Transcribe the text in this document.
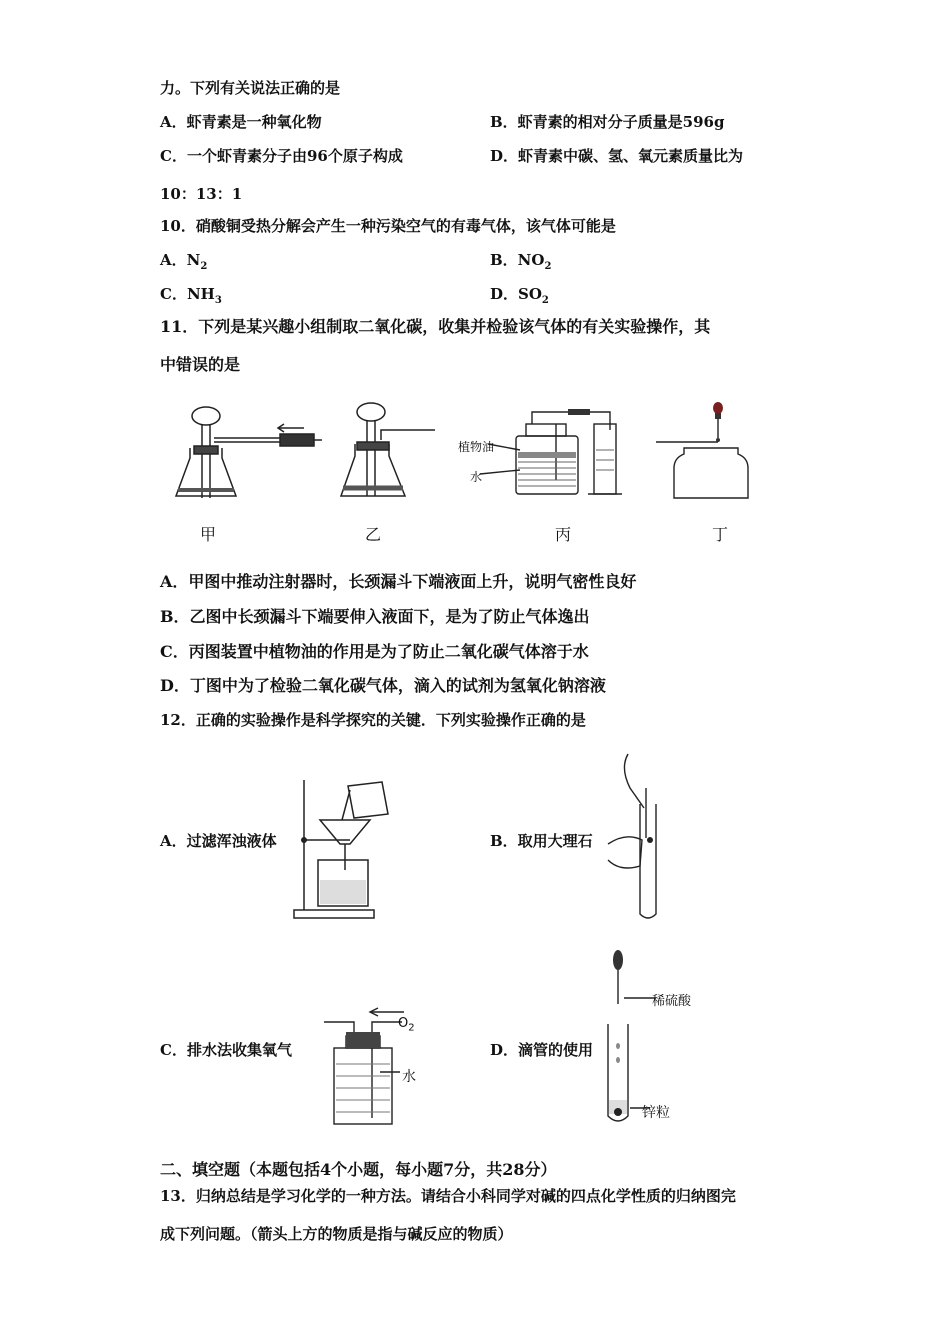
力。下列有关说法正确的是
A．虾青素是一种氧化物	B．虾青素的相对分子质量是596g
C．一个虾青素分子由96个原子构成	D．虾青素中碳、氢、氧元素质量比为
10：13：1
10．硝酸铜受热分解会产生一种污染空气的有毒气体，该气体可能是
A．$N_2$	B．$NO_2$
C．$NH_3$	D．$SO_2$
11．下列是某兴趣小组制取二氧化碳，收集并检验该气体的有关实验操作，其
中错误的是
甲	乙
植物油
水
丙	丁
A．甲图中推动注射器时，长颈漏斗下端液面上升，说明气密性良好
B．乙图中长颈漏斗下端要伸入液面下，是为了防止气体逸出
C．丙图装置中植物油的作用是为了防止二氧化碳气体溶于水
D．丁图中为了检验二氧化碳气体，滴入的试剂为氢氧化钠溶液
12．正确的实验操作是科学探究的关键．下列实验操作正确的是
A．过滤浑浊液体	B．取用大理石
C．排水法收集氧气
$O_2$
水
D．滴管的使用
稀硫酸
锌粒
二、填空题（本题包括4个小题，每小题7分，共28分）
13．归纳总结是学习化学的一种方法。请结合小科同学对碱的四点化学性质的归纳图完
成下列问题。（箭头上方的物质是指与碱反应的物质）
